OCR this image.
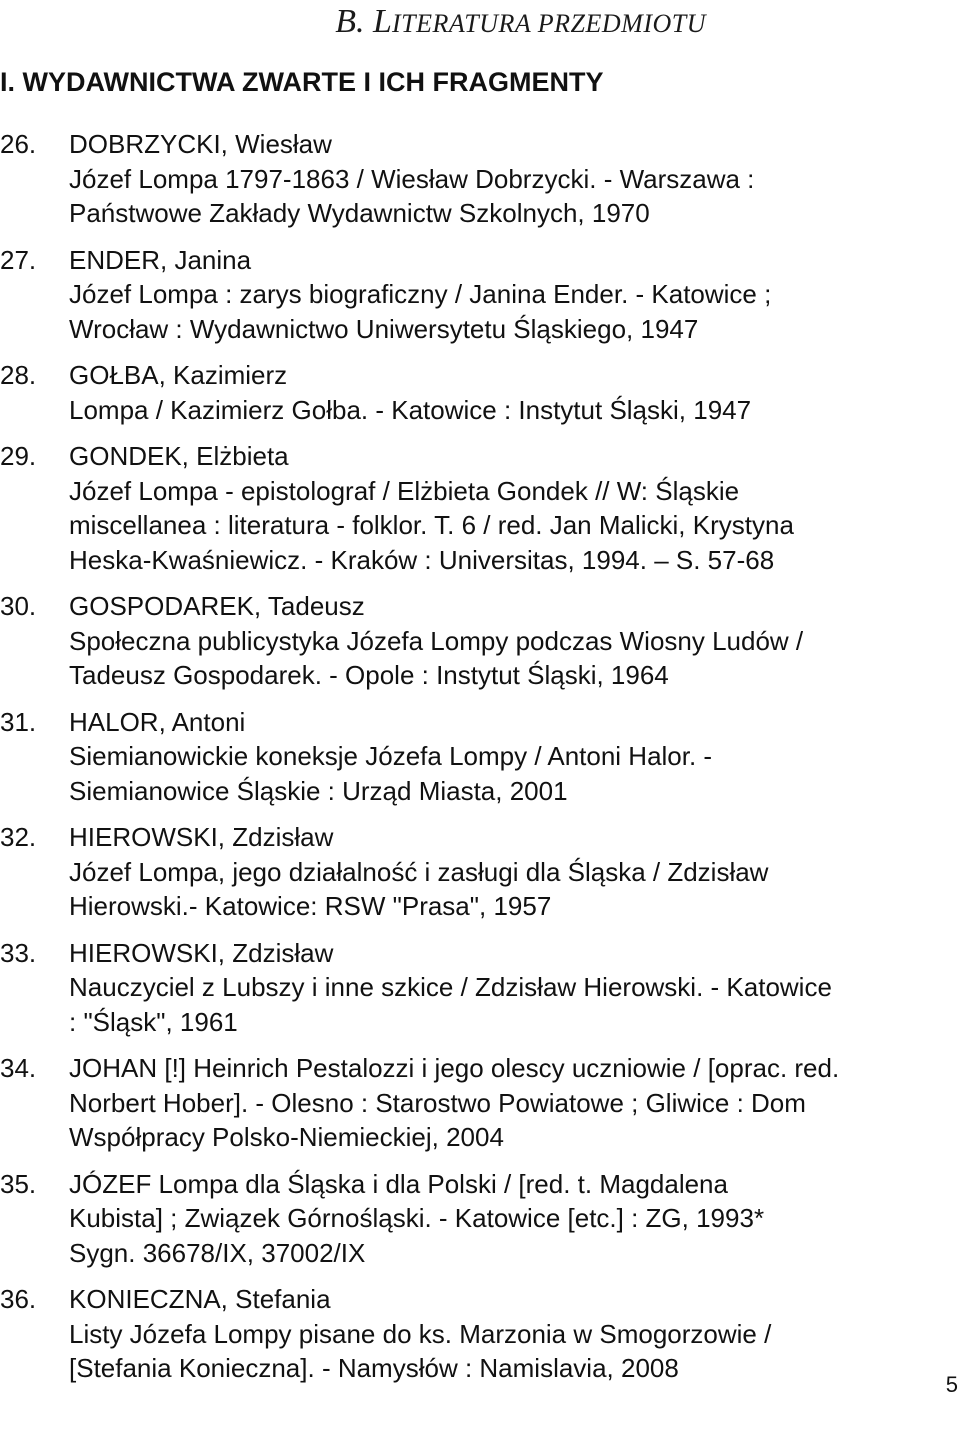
B. LITERATURA PRZEDMIOTU
I. WYDAWNICTWA ZWARTE I ICH FRAGMENTY
26. DOBRZYCKI, Wiesław
Józef Lompa 1797-1863 / Wiesław Dobrzycki. - Warszawa :
Państwowe Zakłady Wydawnictw Szkolnych, 1970
27. ENDER, Janina
Józef Lompa : zarys biograficzny / Janina Ender. - Katowice ;
Wrocław : Wydawnictwo Uniwersytetu Śląskiego, 1947
28. GOŁBA, Kazimierz
Lompa / Kazimierz Gołba. - Katowice : Instytut Śląski, 1947
29. GONDEK, Elżbieta
Józef Lompa - epistolograf / Elżbieta Gondek // W: Śląskie
miscellanea : literatura - folklor. T. 6 / red. Jan Malicki, Krystyna
Heska-Kwaśniewicz. - Kraków : Universitas, 1994. – S. 57-68
30. GOSPODAREK, Tadeusz
Społeczna publicystyka Józefa Lompy podczas Wiosny Ludów /
Tadeusz Gospodarek. - Opole : Instytut Śląski, 1964
31. HALOR, Antoni
Siemianowickie koneksje Józefa Lompy / Antoni Halor. -
Siemianowice Śląskie : Urząd Miasta, 2001
32. HIEROWSKI, Zdzisław
Józef Lompa, jego działalność i zasługi dla Śląska / Zdzisław
Hierowski.- Katowice: RSW "Prasa", 1957
33. HIEROWSKI, Zdzisław
Nauczyciel z Lubszy i inne szkice / Zdzisław Hierowski. - Katowice
: "Śląsk", 1961
34. JOHAN [!] Heinrich Pestalozzi i jego olescy uczniowie / [oprac. red.
Norbert Hober]. - Olesno : Starostwo Powiatowe ; Gliwice : Dom
Współpracy Polsko-Niemieckiej, 2004
35. JÓZEF Lompa dla Śląska i dla Polski / [red. t. Magdalena
Kubista] ; Związek Górnośląski. - Katowice [etc.] : ZG, 1993*
Sygn. 36678/IX, 37002/IX
36. KONIECZNA, Stefania
Listy Józefa Lompy pisane do ks. Marzonia w Smogorzowie /
[Stefania Konieczna]. - Namysłów : Namislavia, 2008
5
